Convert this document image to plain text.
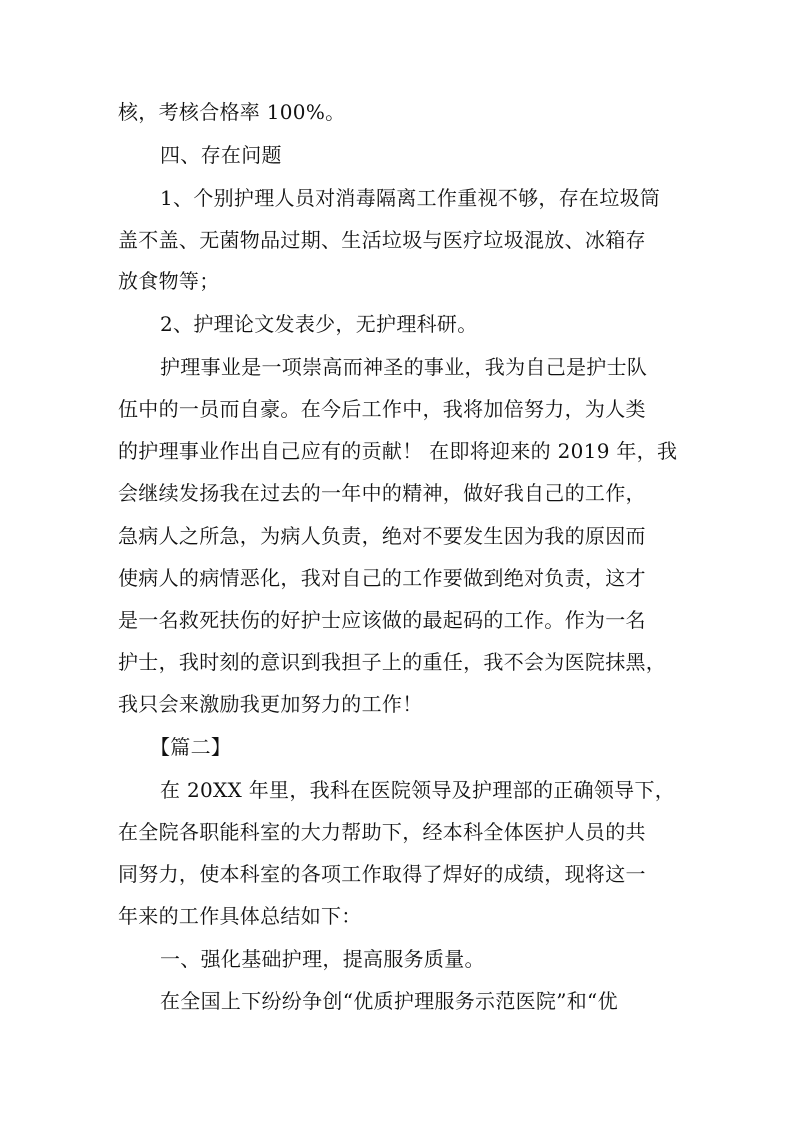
核，考核合格率 100%。
四、存在问题
1、个别护理人员对消毒隔离工作重视不够，存在垃圾筒
盖不盖、无菌物品过期、生活垃圾与医疗垃圾混放、冰箱存
放食物等；
2、护理论文发表少，无护理科研。
护理事业是一项崇高而神圣的事业，我为自己是护士队
伍中的一员而自豪。在今后工作中，我将加倍努力，为人类
的护理事业作出自己应有的贡献！ 在即将迎来的 2019 年，我
会继续发扬我在过去的一年中的精神，做好我自己的工作，
急病人之所急，为病人负责，绝对不要发生因为我的原因而
使病人的病情恶化，我对自己的工作要做到绝对负责，这才
是一名救死扶伤的好护士应该做的最起码的工作。作为一名
护士，我时刻的意识到我担子上的重任，我不会为医院抹黑，
我只会来激励我更加努力的工作！
【篇二】
在 20XX 年里，我科在医院领导及护理部的正确领导下，
在全院各职能科室的大力帮助下，经本科全体医护人员的共
同努力，使本科室的各项工作取得了焊好的成绩，现将这一
年来的工作具体总结如下：
一、强化基础护理，提高服务质量。
在全国上下纷纷争创“优质护理服务示范医院”和“优
